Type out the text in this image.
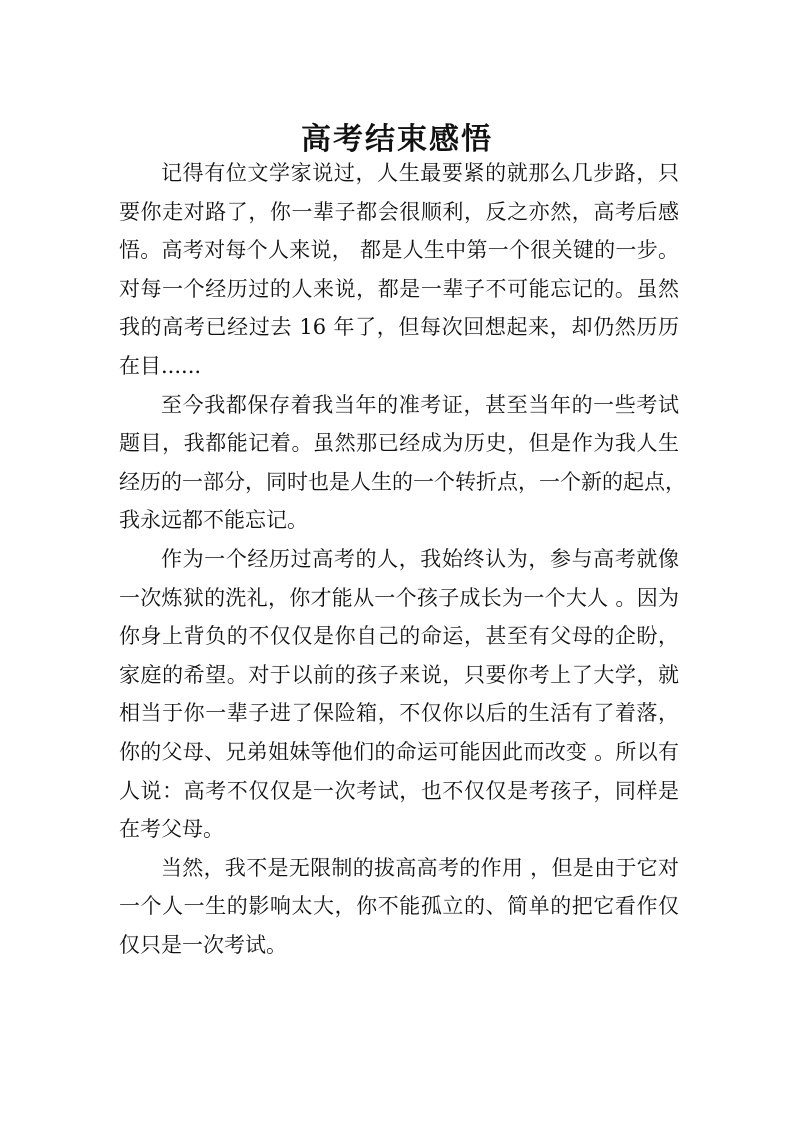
高考结束感悟
记得有位文学家说过，人生最要紧的就那么几步路，只
要你走对路了，你一辈子都会很顺利，反之亦然，高考后感
悟。高考对每个人来说， 都是人生中第一个很关键的一步。
对每一个经历过的人来说，都是一辈子不可能忘记的。虽然
我的高考已经过去 16 年了，但每次回想起来，却仍然历历
在目......
至今我都保存着我当年的准考证，甚至当年的一些考试
题目，我都能记着。虽然那已经成为历史，但是作为我人生
经历的一部分，同时也是人生的一个转折点，一个新的起点，
我永远都不能忘记。
作为一个经历过高考的人，我始终认为，参与高考就像
一次炼狱的洗礼，你才能从一个孩子成长为一个大人 。因为
你身上背负的不仅仅是你自己的命运，甚至有父母的企盼，
家庭的希望。对于以前的孩子来说，只要你考上了大学，就
相当于你一辈子进了保险箱，不仅你以后的生活有了着落，
你的父母、兄弟姐妹等他们的命运可能因此而改变 。所以有
人说：高考不仅仅是一次考试，也不仅仅是考孩子，同样是
在考父母。
当然，我不是无限制的拔高高考的作用 ，但是由于它对
一个人一生的影响太大，你不能孤立的、简单的把它看作仅
仅只是一次考试。
